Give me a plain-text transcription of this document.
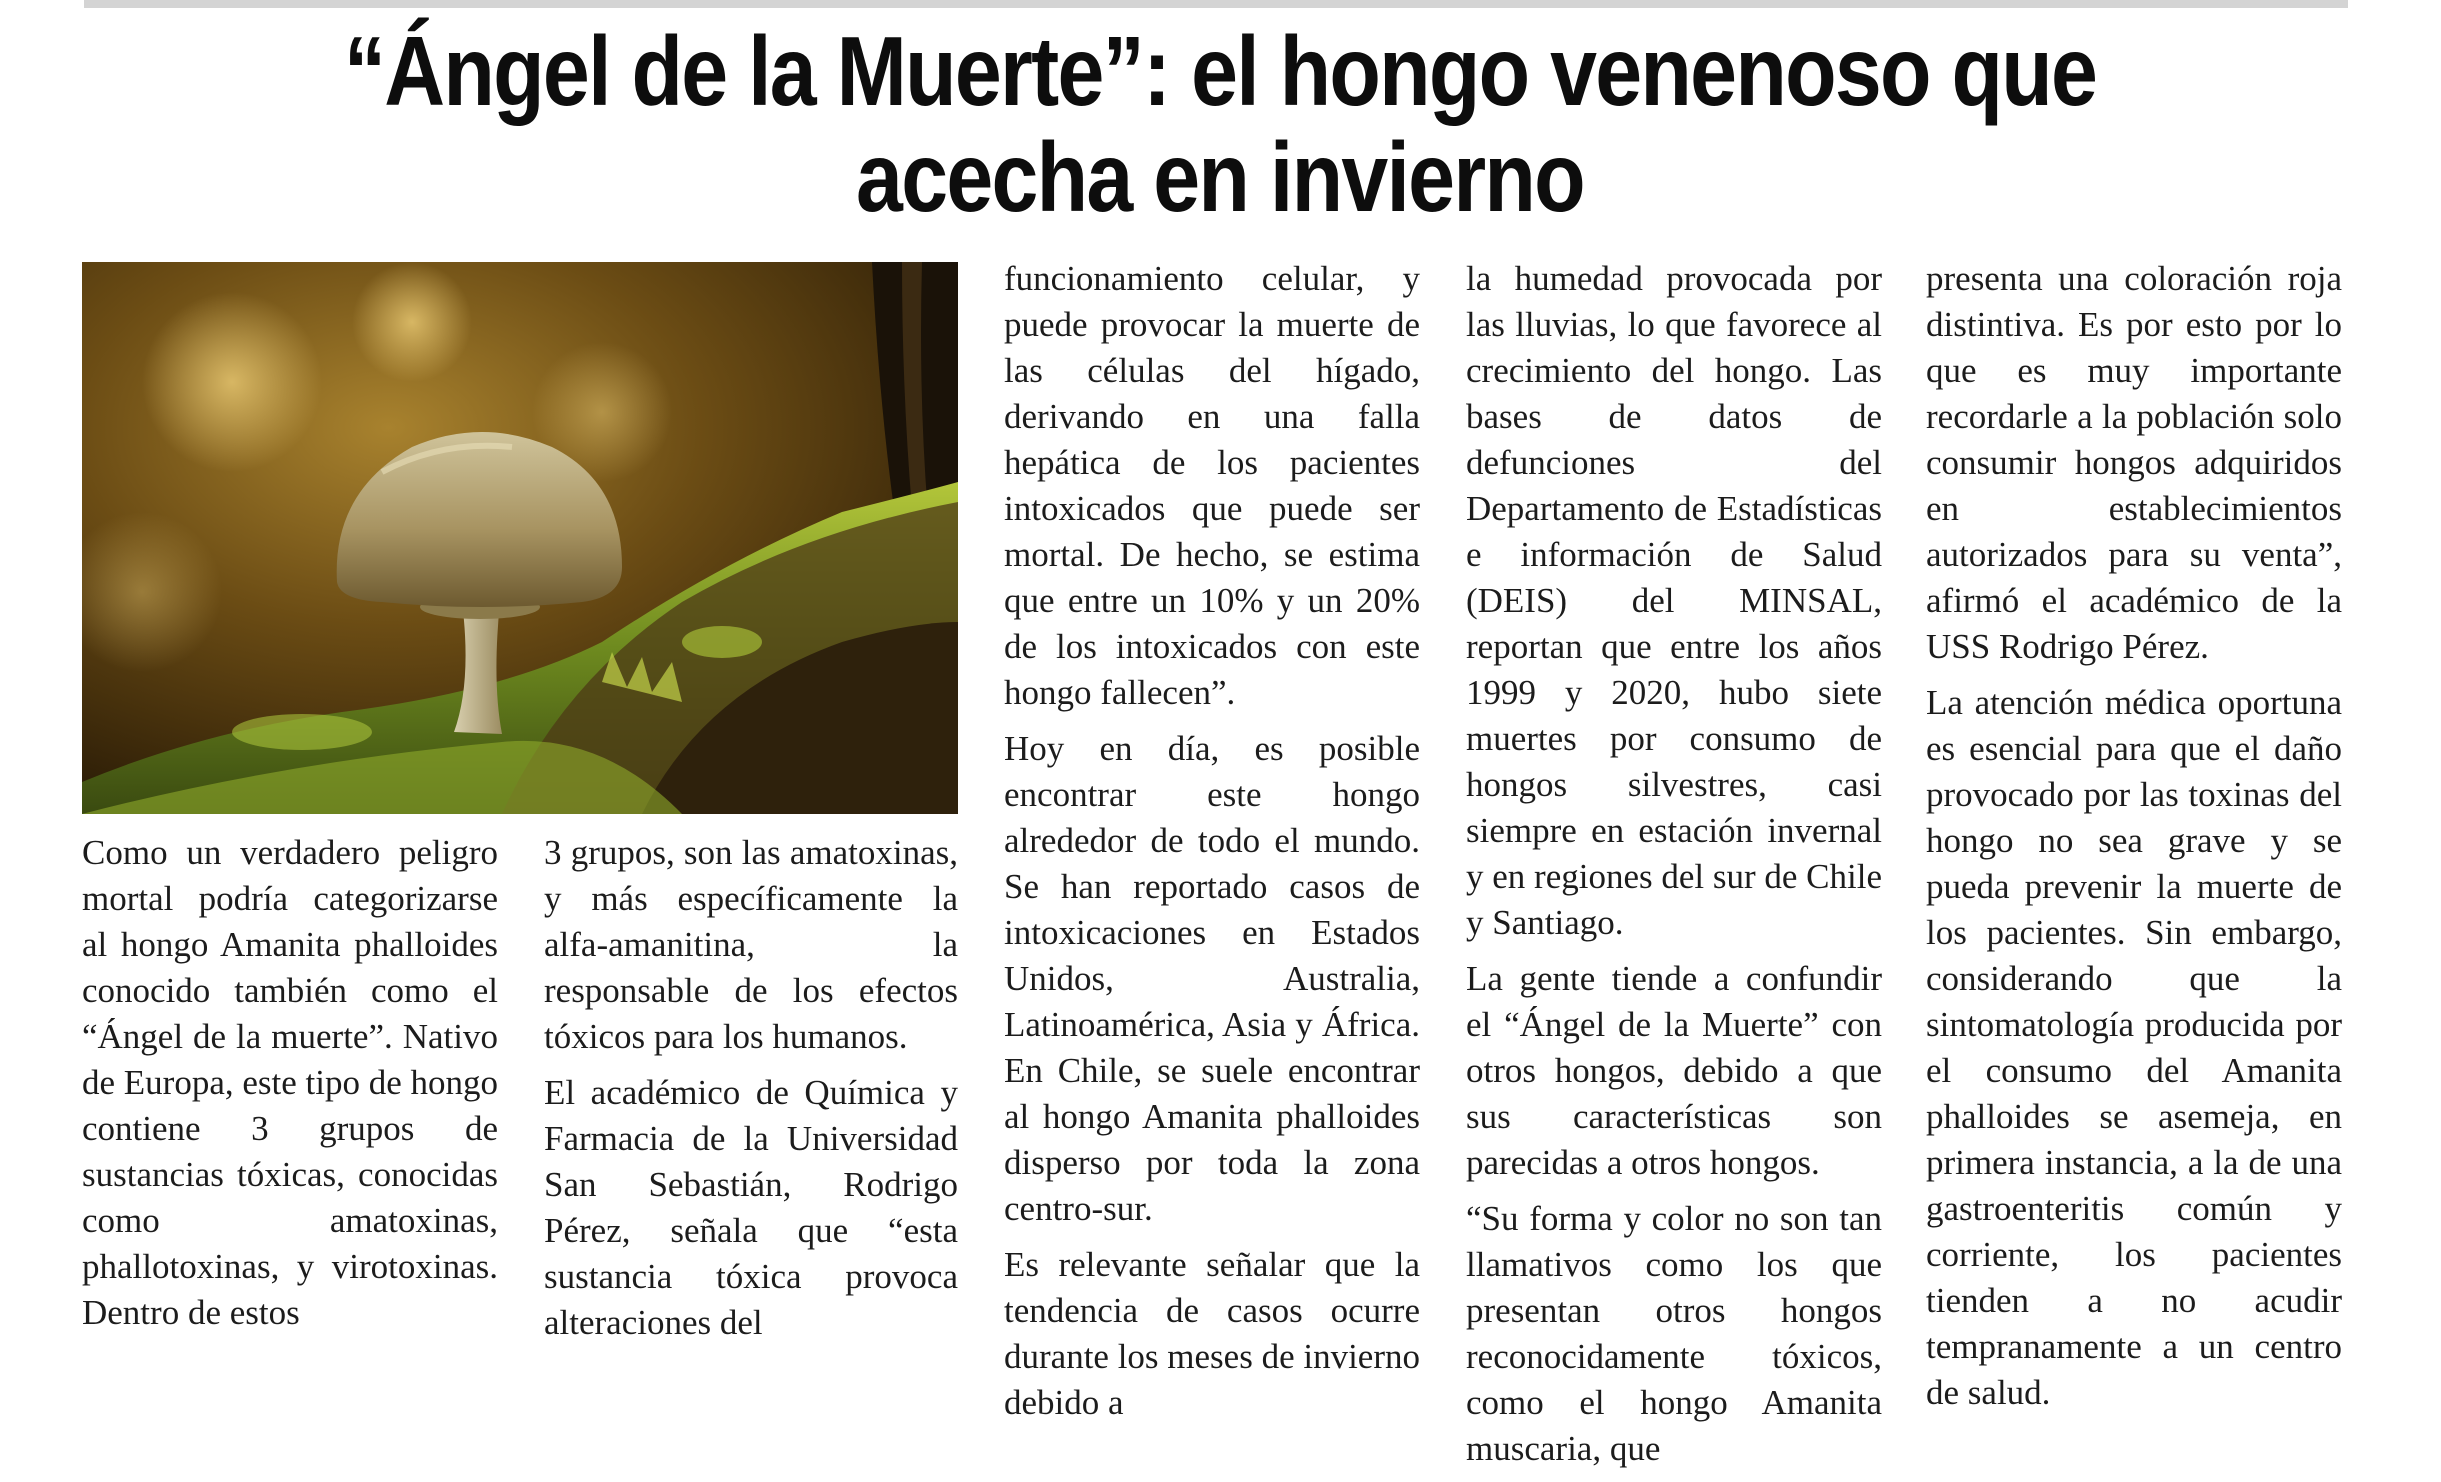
“Ángel de la Muerte”: el hongo venenoso que
acecha en invierno

Como un verdadero peligro mortal podría categorizarse al hongo Amanita phalloides conocido también como el “Ángel de la muerte”. Nativo de Europa, este tipo de hongo contiene 3 grupos de sustancias tóxicas, conocidas como amatoxinas, phallotoxinas, y virotoxinas. Dentro de estos

3 grupos, son las amatoxinas, y más específicamente la alfa-amanitina, la responsable de los efectos tóxicos para los humanos.

El académico de Química y Farmacia de la Universidad San Sebastián, Rodrigo Pérez, señala que “esta sustancia tóxica provoca alteraciones del

funcionamiento celular, y puede provocar la muerte de las células del hígado, derivando en una falla hepática de los pacientes intoxicados que puede ser mortal. De hecho, se estima que entre un 10% y un 20% de los intoxicados con este hongo fallecen”.

Hoy en día, es posible encontrar este hongo alrededor de todo el mundo. Se han reportado casos de intoxicaciones en Estados Unidos, Australia, Latinoamérica, Asia y África. En Chile, se suele encontrar al hongo Amanita phalloides disperso por toda la zona centro-sur.

Es relevante señalar que la tendencia de casos ocurre durante los meses de invierno debido a

la humedad provocada por las lluvias, lo que favorece al crecimiento del hongo. Las bases de datos de defunciones del Departamento de Estadísticas e información de Salud (DEIS) del MINSAL, reportan que entre los años 1999 y 2020, hubo siete muertes por consumo de hongos silvestres, casi siempre en estación invernal y en regiones del sur de Chile y Santiago.

La gente tiende a confundir el “Ángel de la Muerte” con otros hongos, debido a que sus características son parecidas a otros hongos.

“Su forma y color no son tan llamativos como los que presentan otros hongos reconocidamente tóxicos, como el hongo Amanita muscaria, que

presenta una coloración roja distintiva. Es por esto por lo que es muy importante recordarle a la población solo consumir hongos adquiridos en establecimientos autorizados para su venta”, afirmó el académico de la USS Rodrigo Pérez.

La atención médica oportuna es esencial para que el daño provocado por las toxinas del hongo no sea grave y se pueda prevenir la muerte de los pacientes. Sin embargo, considerando que la sintomatología producida por el consumo del Amanita phalloides se asemeja, en primera instancia, a la de una gastroenteritis común y corriente, los pacientes tienden a no acudir tempranamente a un centro de salud.
